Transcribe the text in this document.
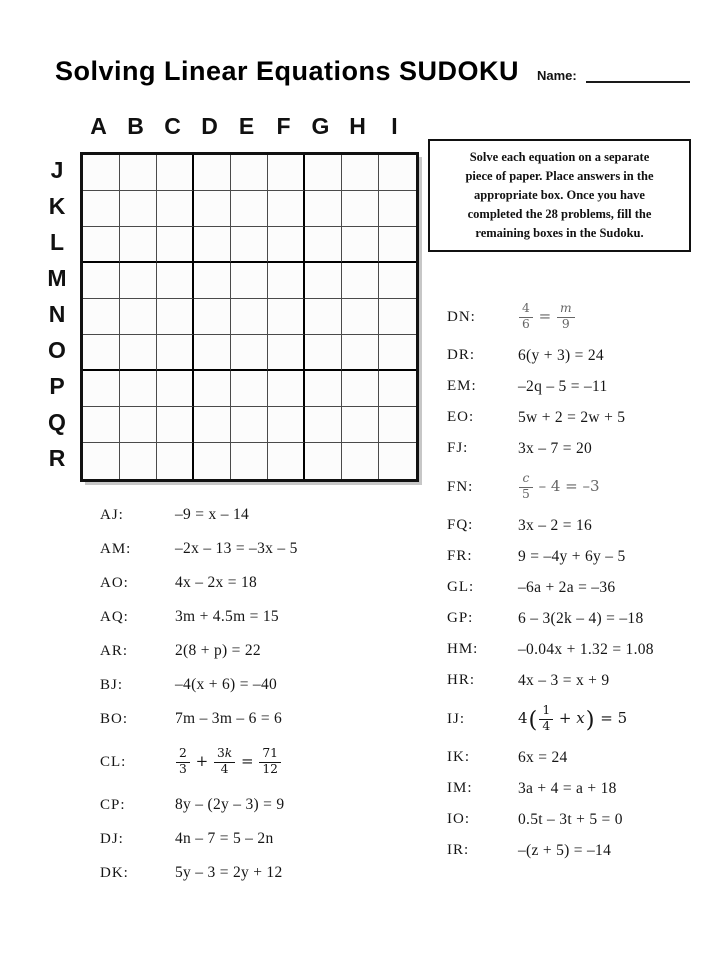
Solving Linear Equations SUDOKU Name:
A B C D E F G H	I
J
K
L
M
N
O
P
Q
R
Solve each equation on a separate
piece of paper. Place answers in the
appropriate box. Once you have
completed the 28 problems, fill the
remaining boxes in the Sudoku.
AJ:	–9 = x – 14
AM:	–2x – 13 = –3x – 5
AO:	4x – 2x = 18
AQ:	3m + 4.5m = 15
AR:	2(8 + p) = 22
BJ:	–4(x + 6) = –40
BO:	7m – 3m – 6 = 6
CL:	$\frac{2}{3} + \frac{3k}{4} = \frac{71}{12}$
CP:	8y – (2y – 3) = 9
DJ:	4n – 7 = 5 – 2n
DK:	5y – 3 = 2y + 12
DN:	$\frac{4}{6} = \frac{m}{9}$
DR:	6(y + 3) = 24
EM:	–2q – 5 = –11
EO:	5w + 2 = 2w + 5
FJ:	3x – 7 = 20
FN:	$\frac{c}{5} - 4 = -3$
FQ:	3x – 2 = 16
FR:	9 = –4y + 6y – 5
GL:	–6a + 2a = –36
GP:	6 – 3(2k – 4) = –18
HM:	–0.04x + 1.32 = 1.08
HR:	4x – 3 = x + 9
IJ:	$4( \frac{1}{4} + x) = 5$
IK:	6x = 24
IM:	3a + 4 = a + 18
IO:	0.5t – 3t + 5 = 0
IR:	–(z + 5) = –14
